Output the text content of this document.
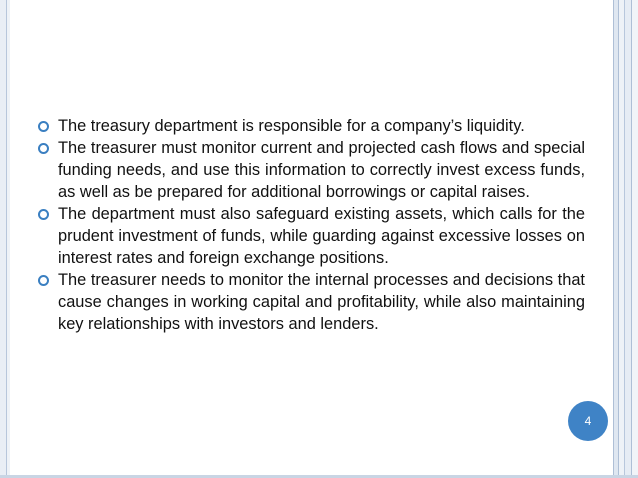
The treasury department is responsible for a company’s liquidity.
The treasurer must monitor current and projected cash flows and special funding needs, and use this information to correctly invest excess funds, as well as be prepared for additional borrowings or capital raises.
The department must also safeguard existing assets, which calls for the prudent investment of funds, while guarding against excessive losses on interest rates and foreign exchange positions.
The treasurer needs to monitor the internal processes and decisions that cause changes in working capital and profitability, while also maintaining key relationships with investors and lenders.
4
